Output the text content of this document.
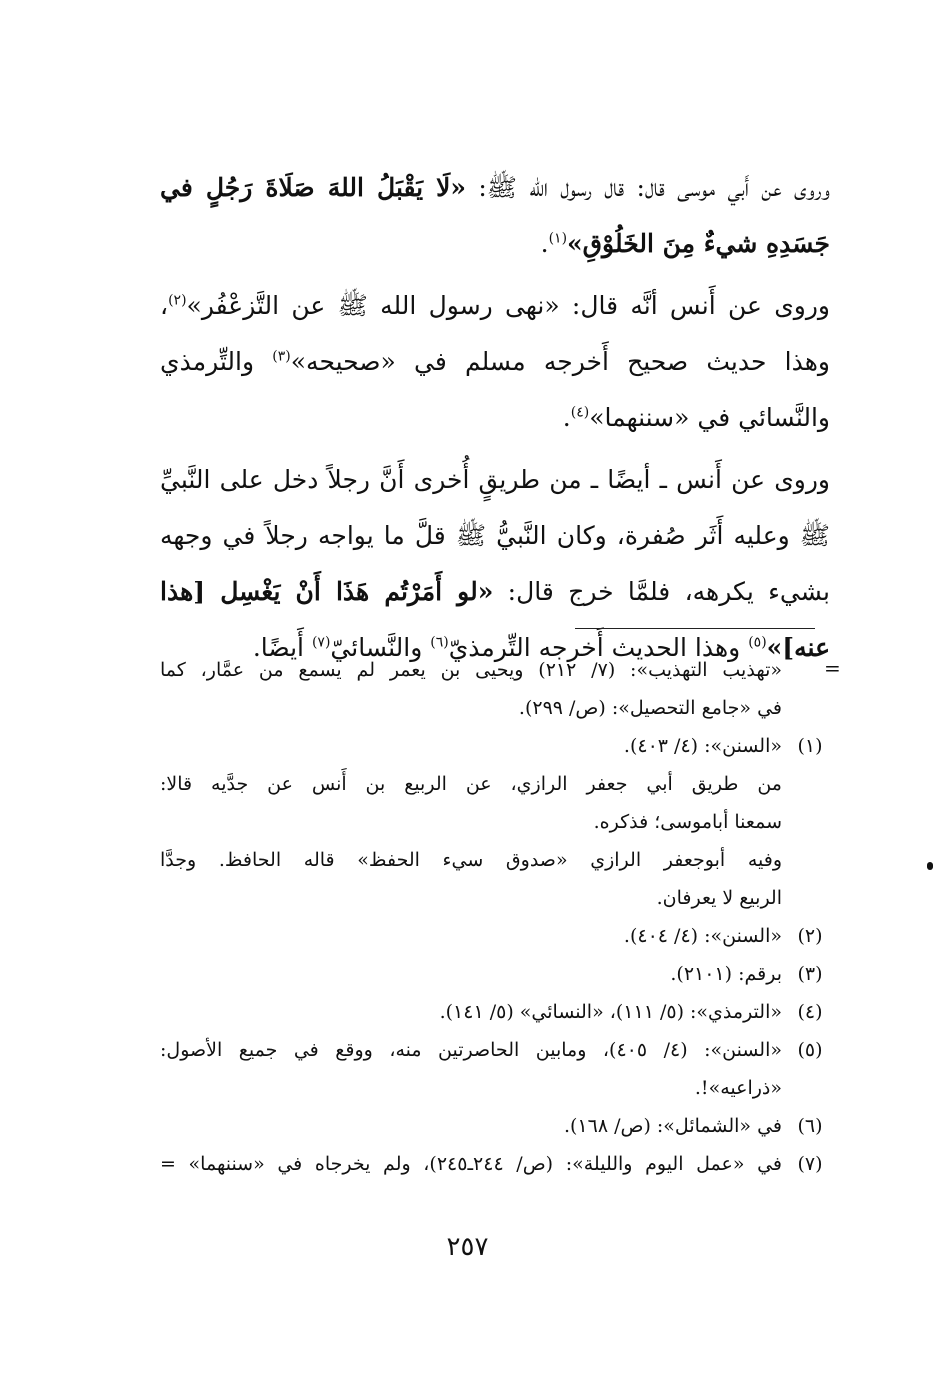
وروى عن أَبي موسى قال: قال رسول الله ﷺ: «لَا يَقْبَلُ اللهَ صَلَاةَ رَجُلٍ في جَسَدِهِ شيءٌ مِنَ الخَلُوْقِ»$^{(١)}$.

وروى عن أَنس أنَّه قال: «نهى رسول الله ﷺ عن التَّزعْفُر»$^{(٢)}$، وهذا حديث صحيح أَخرجه مسلم في «صحيحه»$^{(٣)}$ والتِّرمذي والنَّسائي في «سننهما»$^{(٤)}$.

وروى عن أَنس ـ أيضًا ـ من طريقٍ أُخرى أَنَّ رجلاً دخل على النَّبيِّ ﷺ وعليه أَثَر صُفرة، وكان النَّبيُّ ﷺ قلَّ ما يواجه رجلاً في وجهه بشيء يكرهه، فلمَّا خرج قال: «لو أَمَرْتُم هَذَا أَنْ يَغْسِل [هذا عنه]»$^{(٥)}$ وهذا الحديث أَخرجه التِّرمذيّ$^{(٦)}$ والنَّسائيّ$^{(٧)}$ أَيضًا.

=
«تهذيب التهذيب»: (٧/ ٢١٢) ويحيى بن يعمر لم يسمع من عمَّار، كما
في «جامع التحصيل»: (ص/ ٢٩٩).
(١)
«السنن»: (٤/ ٤٠٣).
من طريق أبي جعفر الرازي، عن الربيع بن أَنس عن جدَّيه قالا:
سمعنا أباموسى؛ فذكره.
وفيه أبوجعفر الرازي «صدوق سيء الحفظ» قاله الحافظ. وجدَّا
الربيع لا يعرفان.
(٢)
«السنن»: (٤/ ٤٠٤).
(٣)
برقم: (٢١٠١).
(٤)
«الترمذي»: (٥/ ١١١)، «النسائي» (٥/ ١٤١).
(٥)
«السنن»: (٤/ ٤٠٥)، ومابين الحاصرتين منه، ووقع في جميع الأصول:
«ذراعيه»!.
(٦)
في «الشمائل»: (ص/ ١٦٨).
(٧)
في «عمل اليوم والليلة»: (ص/ ٢٤٤ـ٢٤٥)، ولم يخرجاه في «سننهما» =
٢٥٧
